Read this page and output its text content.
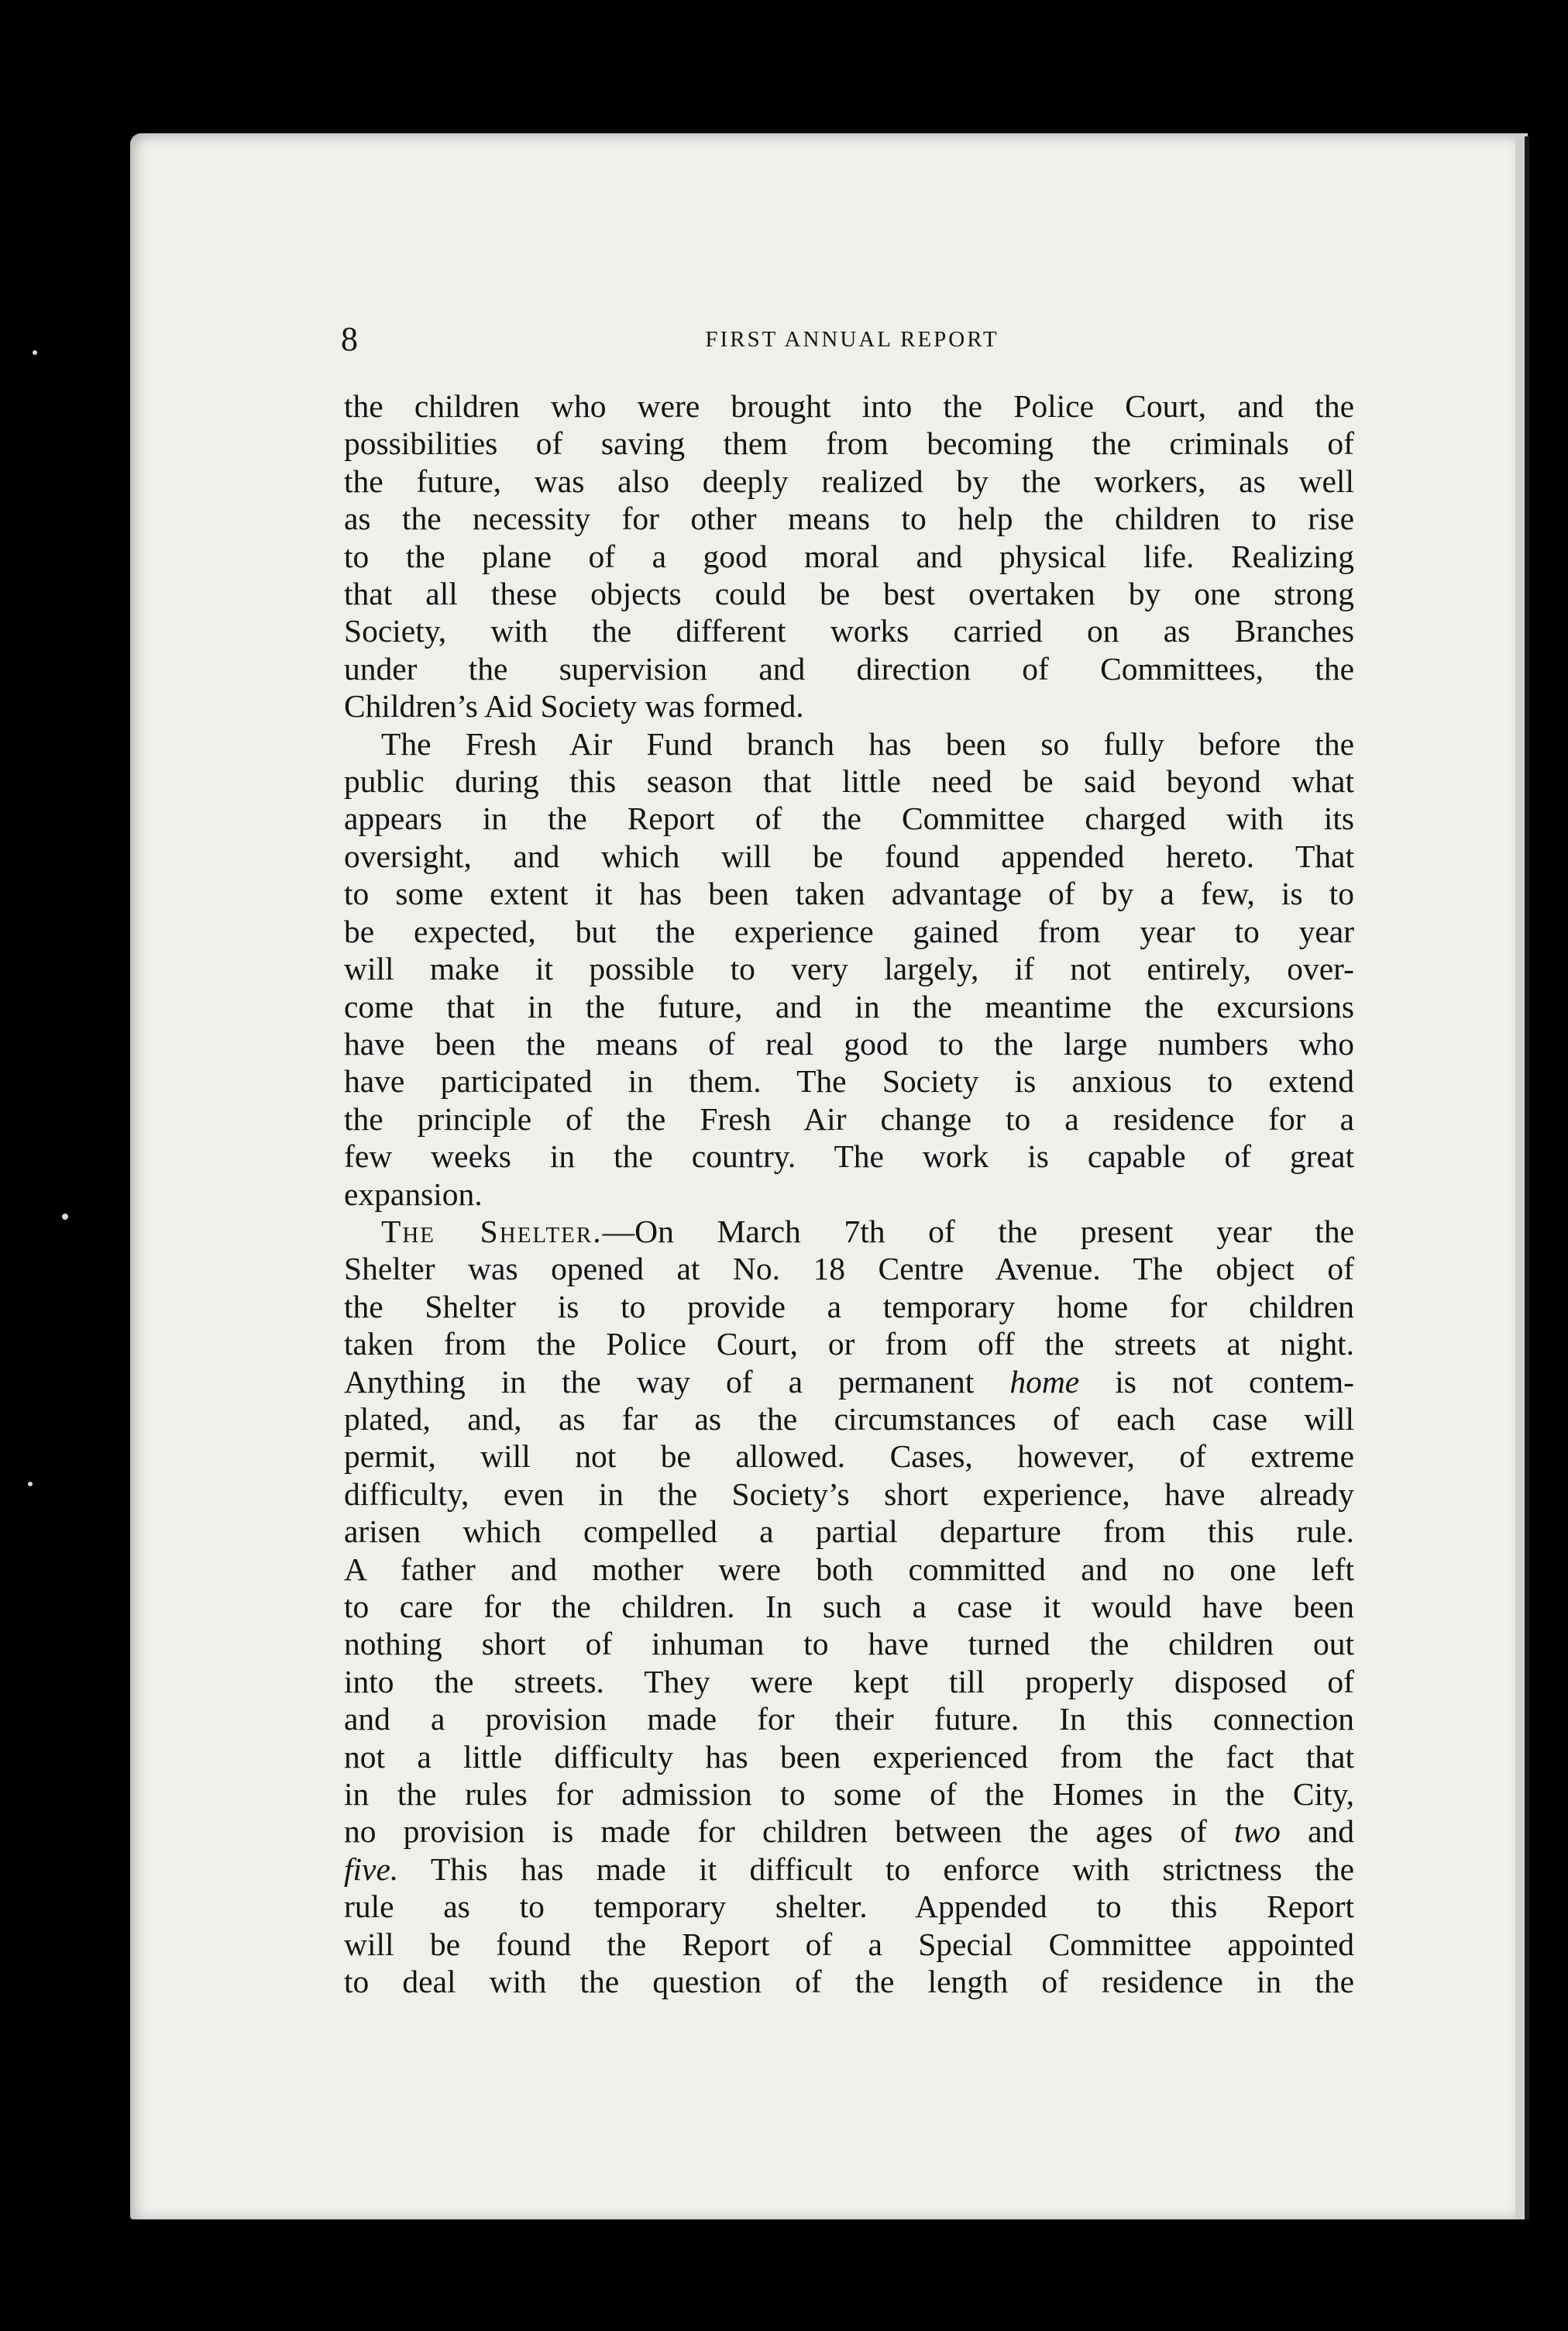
8	FIRST ANNUAL REPORT
the children who were brought into the Police Court, and the
possibilities of saving them from becoming the criminals of
the future, was also deeply realized by the workers, as well
as the necessity for other means to help the children to rise
to the plane of a good moral and physical life. Realizing
that all these objects could be best overtaken by one strong
Society, with the different works carried on as Branches
under the supervision and direction of Committees, the
Children’s Aid Society was formed.
The Fresh Air Fund branch has been so fully before the
public during this season that little need be said beyond what
appears in the Report of the Committee charged with its
oversight, and which will be found appended hereto. That
to some extent it has been taken advantage of by a few, is to
be expected, but the experience gained from year to year
will make it possible to very largely, if not entirely, over-
come that in the future, and in the meantime the excursions
have been the means of real good to the large numbers who
have participated in them. The Society is anxious to extend
the principle of the Fresh Air change to a residence for a
few weeks in the country. The work is capable of great
expansion.
The Shelter.—On March 7th of the present year the
Shelter was opened at No. 18 Centre Avenue. The object of
the Shelter is to provide a temporary home for children
taken from the Police Court, or from off the streets at night.
Anything in the way of a permanent home is not contem-
plated, and, as far as the circumstances of each case will
permit, will not be allowed. Cases, however, of extreme
difficulty, even in the Society’s short experience, have already
arisen which compelled a partial departure from this rule.
A father and mother were both committed and no one left
to care for the children. In such a case it would have been
nothing short of inhuman to have turned the children out
into the streets. They were kept till properly disposed of
and a provision made for their future. In this connection
not a little difficulty has been experienced from the fact that
in the rules for admission to some of the Homes in the City,
no provision is made for children between the ages of two and
five. This has made it difficult to enforce with strictness the
rule as to temporary shelter. Appended to this Report
will be found the Report of a Special Committee appointed
to deal with the question of the length of residence in the
